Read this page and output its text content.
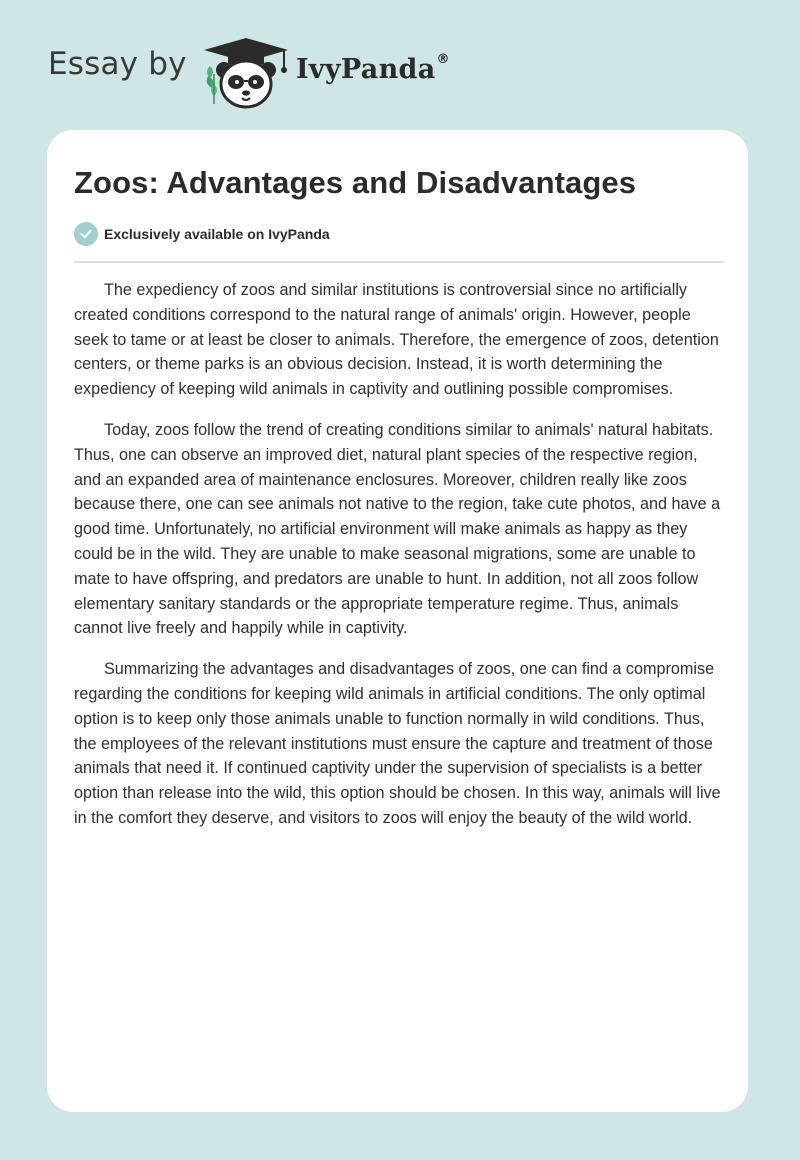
Essay by	IvyPanda®
Zoos: Advantages and Disadvantages
Exclusively available on IvyPanda

The expediency of zoos and similar institutions is controversial since no artificially created conditions correspond to the natural range of animals' origin. However, people seek to tame or at least be closer to animals. Therefore, the emergence of zoos, detention centers, or theme parks is an obvious decision. Instead, it is worth determining the expediency of keeping wild animals in captivity and outlining possible compromises.

Today, zoos follow the trend of creating conditions similar to animals' natural habitats. Thus, one can observe an improved diet, natural plant species of the respective region, and an expanded area of maintenance enclosures. Moreover, children really like zoos because there, one can see animals not native to the region, take cute photos, and have a good time. Unfortunately, no artificial environment will make animals as happy as they could be in the wild. They are unable to make seasonal migrations, some are unable to mate to have offspring, and predators are unable to hunt. In addition, not all zoos follow elementary sanitary standards or the appropriate temperature regime. Thus, animals cannot live freely and happily while in captivity.

Summarizing the advantages and disadvantages of zoos, one can find a compromise regarding the conditions for keeping wild animals in artificial conditions. The only optimal option is to keep only those animals unable to function normally in wild conditions. Thus, the employees of the relevant institutions must ensure the capture and treatment of those animals that need it. If continued captivity under the supervision of specialists is a better option than release into the wild, this option should be chosen. In this way, animals will live in the comfort they deserve, and visitors to zoos will enjoy the beauty of the wild world.
